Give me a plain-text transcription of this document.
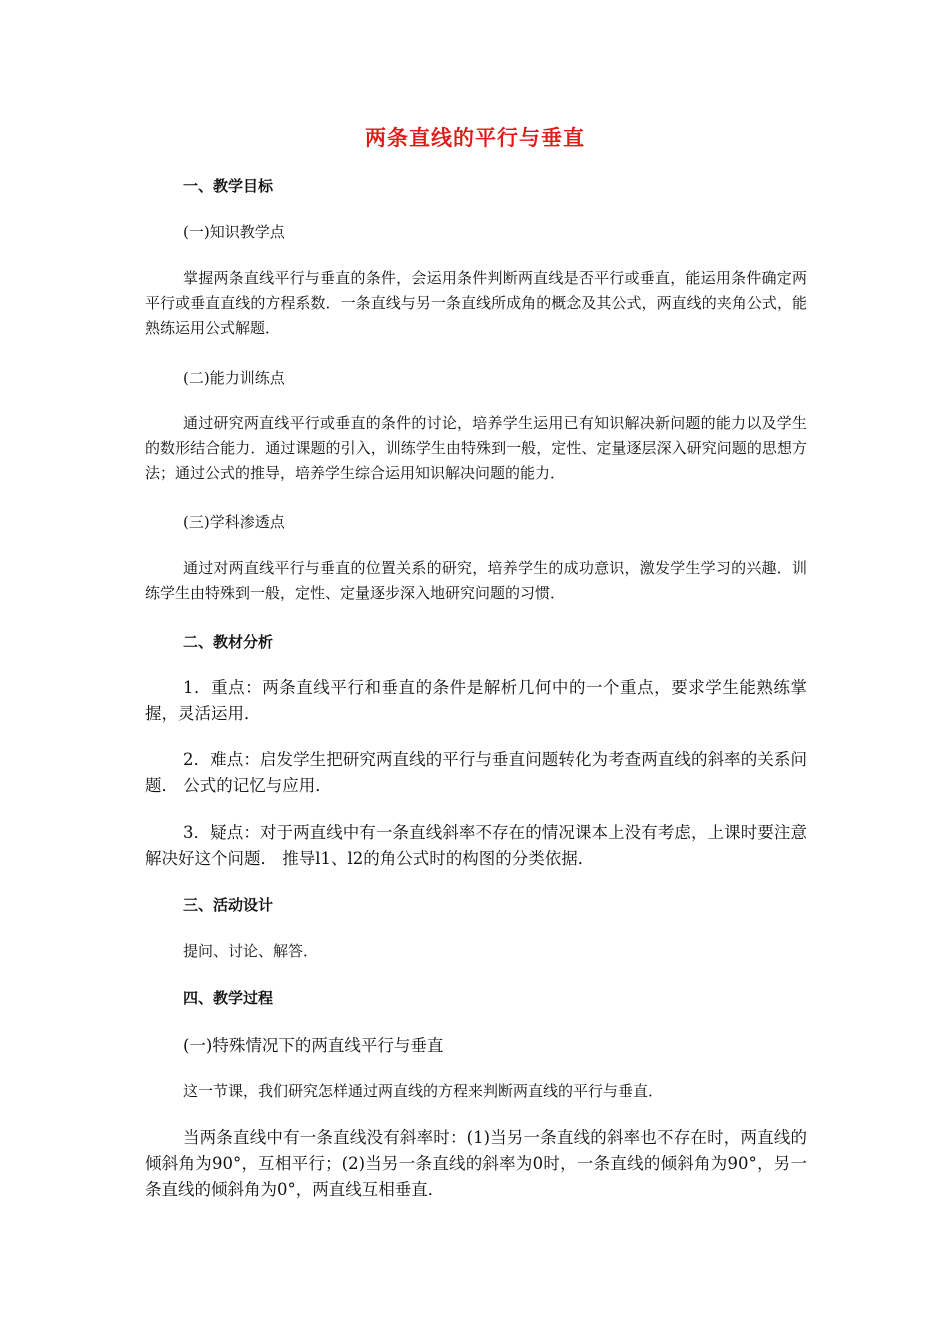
两条直线的平行与垂直
一、教学目标
(一)知识教学点
掌握两条直线平行与垂直的条件，会运用条件判断两直线是否平行或垂直，能运用条件确定两平行或垂直直线的方程系数．一条直线与另一条直线所成角的概念及其公式，两直线的夹角公式，能熟练运用公式解题．
(二)能力训练点
通过研究两直线平行或垂直的条件的讨论，培养学生运用已有知识解决新问题的能力以及学生的数形结合能力．通过课题的引入，训练学生由特殊到一般，定性、定量逐层深入研究问题的思想方法；通过公式的推导，培养学生综合运用知识解决问题的能力．
(三)学科渗透点
通过对两直线平行与垂直的位置关系的研究，培养学生的成功意识，激发学生学习的兴趣．训练学生由特殊到一般，定性、定量逐步深入地研究问题的习惯．
二、教材分析
1．重点：两条直线平行和垂直的条件是解析几何中的一个重点，要求学生能熟练掌握，灵活运用．
2．难点：启发学生把研究两直线的平行与垂直问题转化为考查两直线的斜率的关系问题． 公式的记忆与应用．
3．疑点：对于两直线中有一条直线斜率不存在的情况课本上没有考虑，上课时要注意解决好这个问题． 推导l1、l2的角公式时的构图的分类依据．
三、活动设计
提问、讨论、解答．
四、教学过程
(一)特殊情况下的两直线平行与垂直
这一节课，我们研究怎样通过两直线的方程来判断两直线的平行与垂直．
当两条直线中有一条直线没有斜率时：(1)当另一条直线的斜率也不存在时，两直线的倾斜角为90°，互相平行；(2)当另一条直线的斜率为0时，一条直线的倾斜角为90°，另一条直线的倾斜角为0°，两直线互相垂直．
